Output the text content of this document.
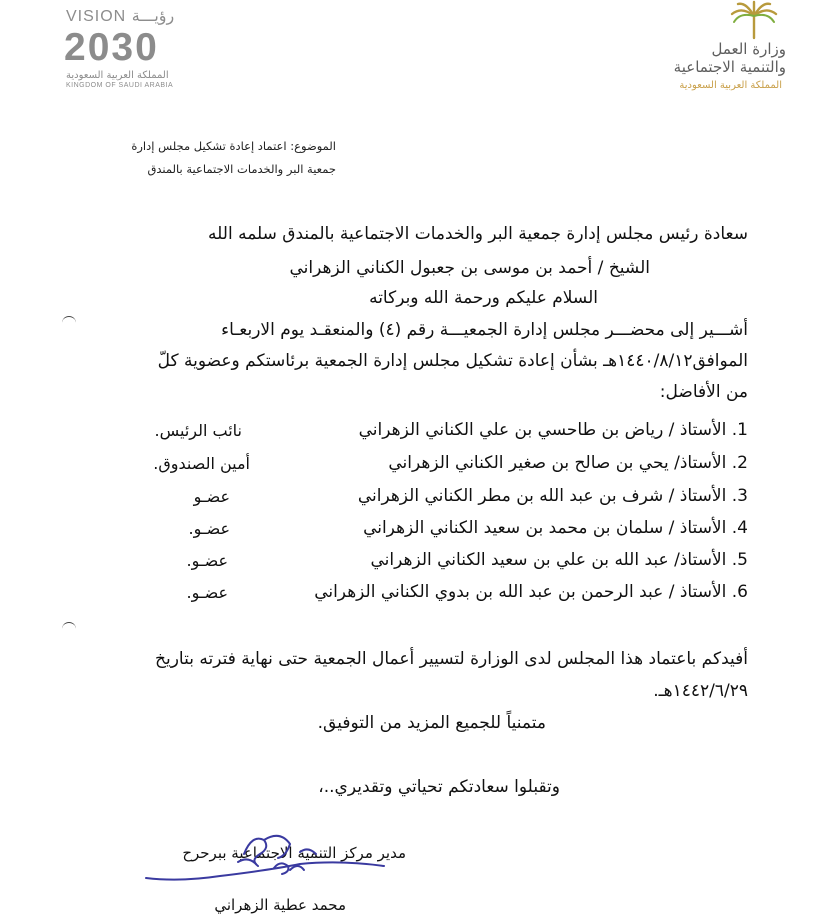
VISION رؤيـــة
2030
المملكة العربية السعودية
KINGDOM OF SAUDI ARABIA
وزارة العمل
والتنمية الاجتماعية
المملكة العربية السعودية
الموضوع: اعتماد إعادة تشكيل مجلس إدارة
جمعية البر والخدمات الاجتماعية بالمندق
سعادة رئيس مجلس إدارة جمعية البر والخدمات الاجتماعية بالمندق سلمه الله
الشيخ / أحمد بن موسى بن جعبول الكناني الزهراني
السلام عليكم ورحمة الله وبركاته
أشـــير إلى محضـــر مجلس إدارة الجمعيـــة رقم (٤) والمنعقـد يوم الاربعـاء
الموافق١٤٤٠/٨/١٢هـ بشأن إعادة تشكيل مجلس إدارة الجمعية برئاستكم وعضوية كلّ
من الأفاضل:
1. الأستاذ / رياض بن طاحسي بن علي الكناني الزهراني
نائب الرئيس.
2. الأستاذ/ يحي بن صالح بن صغير الكناني الزهراني
أمين الصندوق.
3. الأستاذ / شرف بن عبد الله بن مطر الكناني الزهراني
عضـو
4. الأستاذ / سلمان بن محمد بن سعيد الكناني الزهراني
عضـو.
5. الأستاذ/ عبد الله بن علي بن سعيد الكناني الزهراني
عضـو.
6. الأستاذ / عبد الرحمن بن عبد الله بن بدوي الكناني الزهراني
عضـو.
أفيدكم باعتماد هذا المجلس لدى الوزارة لتسيير أعمال الجمعية حتى نهاية فترته بتاريخ
١٤٤٢/٦/٢٩هـ.
متمنياً للجميع المزيد من التوفيق.
وتقبلوا سعادتكم تحياتي وتقديري..،
مدير مركز التنمية الاجتماعية ببرحرح
محمد عطية الزهراني
